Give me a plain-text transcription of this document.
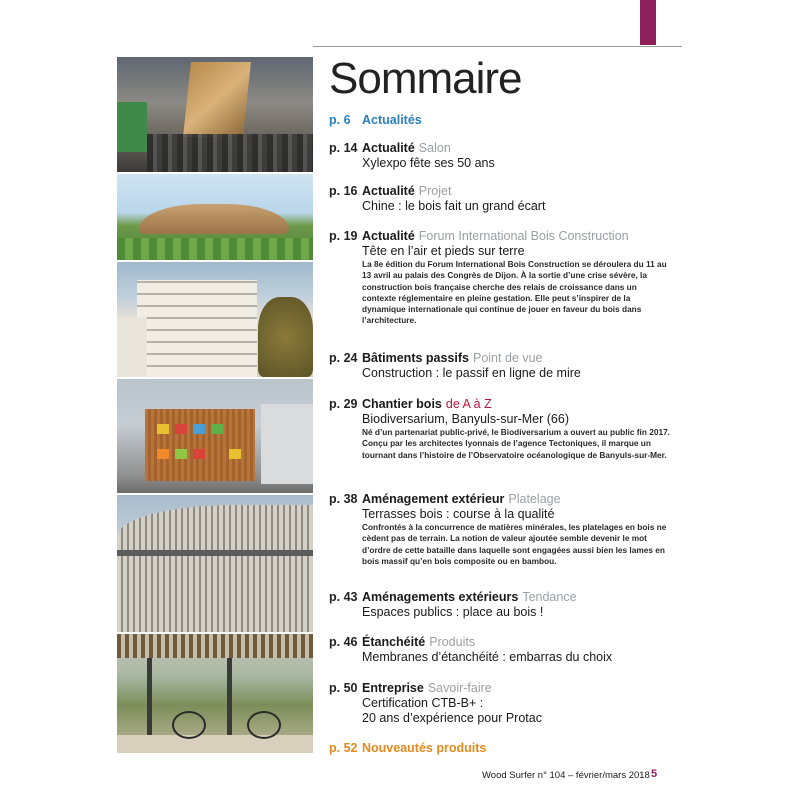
Sommaire
p. 6 Actualités
p. 14 Actualité Salon
Xylexpo fête ses 50 ans
p. 16 Actualité Projet
Chine : le bois fait un grand écart
p. 19 Actualité Forum International Bois Construction
Tête en l’air et pieds sur terre
La 8e édition du Forum International Bois Construction se déroulera du 11 au 13 avril au palais des Congrès de Dijon. À la sortie d’une crise sévère, la construction bois française cherche des relais de croissance dans un contexte réglementaire en pleine gestation. Elle peut s’inspirer de la dynamique internationale qui continue de jouer en faveur du bois dans l’architecture.
p. 24 Bâtiments passifs Point de vue
Construction : le passif en ligne de mire
p. 29 Chantier bois de A à Z
Biodiversarium, Banyuls-sur-Mer (66)
Né d’un partenariat public-privé, le Biodiversarium a ouvert au public fin 2017. Conçu par les architectes lyonnais de l’agence Tectoniques, il marque un tournant dans l’histoire de l’Observatoire océanologique de Banyuls-sur-Mer.
p. 38 Aménagement extérieur Platelage
Terrasses bois : course à la qualité
Confrontés à la concurrence de matières minérales, les platelages en bois ne cèdent pas de terrain. La notion de valeur ajoutée semble devenir le mot d’ordre de cette bataille dans laquelle sont engagées aussi bien les lames en bois massif qu’en bois composite ou en bambou.
p. 43 Aménagements extérieurs Tendance
Espaces publics : place au bois !
p. 46 Étanchéité Produits
Membranes d’étanchéité : embarras du choix
p. 50 Entreprise Savoir-faire
Certification CTB-B+ :
20 ans d’expérience pour Protac
p. 52 Nouveautés produits
Wood Surfer n° 104 – février/mars 2018 5
